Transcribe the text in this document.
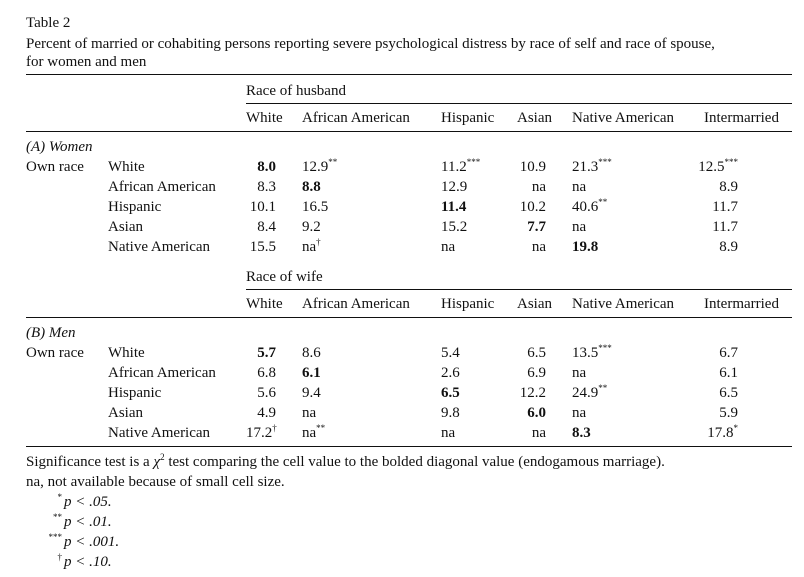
Table 2
Percent of married or cohabiting persons reporting severe psychological distress by race of self and race of spouse,
for women and men
Race of husband
White African American Hispanic Asian Native American Intermarried
(A) Women
Own race White	8.0 12.9**	11.2***	10.9 21.3***	12.5***
African American	8.3 8.8	12.9	na na	8.9
Hispanic	10.1 16.5	11.4	10.2 40.6**	11.7
Asian	8.4 9.2	15.2	7.7 na	11.7
Native American	15.5 na†	na	na 19.8	8.9
Race of wife
White African American Hispanic Asian Native American Intermarried
(B) Men
Own race White	5.7 8.6	5.4	6.5 13.5***	6.7
African American	6.8 6.1	2.6	6.9 na	6.1
Hispanic	5.6 9.4	6.5	12.2 24.9**	6.5
Asian	4.9 na	9.8	6.0 na	5.9
Native American 17.2† na**	na	na 8.3	17.8*
Significance test is a $\chi^2$ test comparing the cell value to the bolded diagonal value (endogamous marriage).
na, not available because of small cell size.
* p < .05.
** p < .01.
*** p < .001.
† p < .10.
